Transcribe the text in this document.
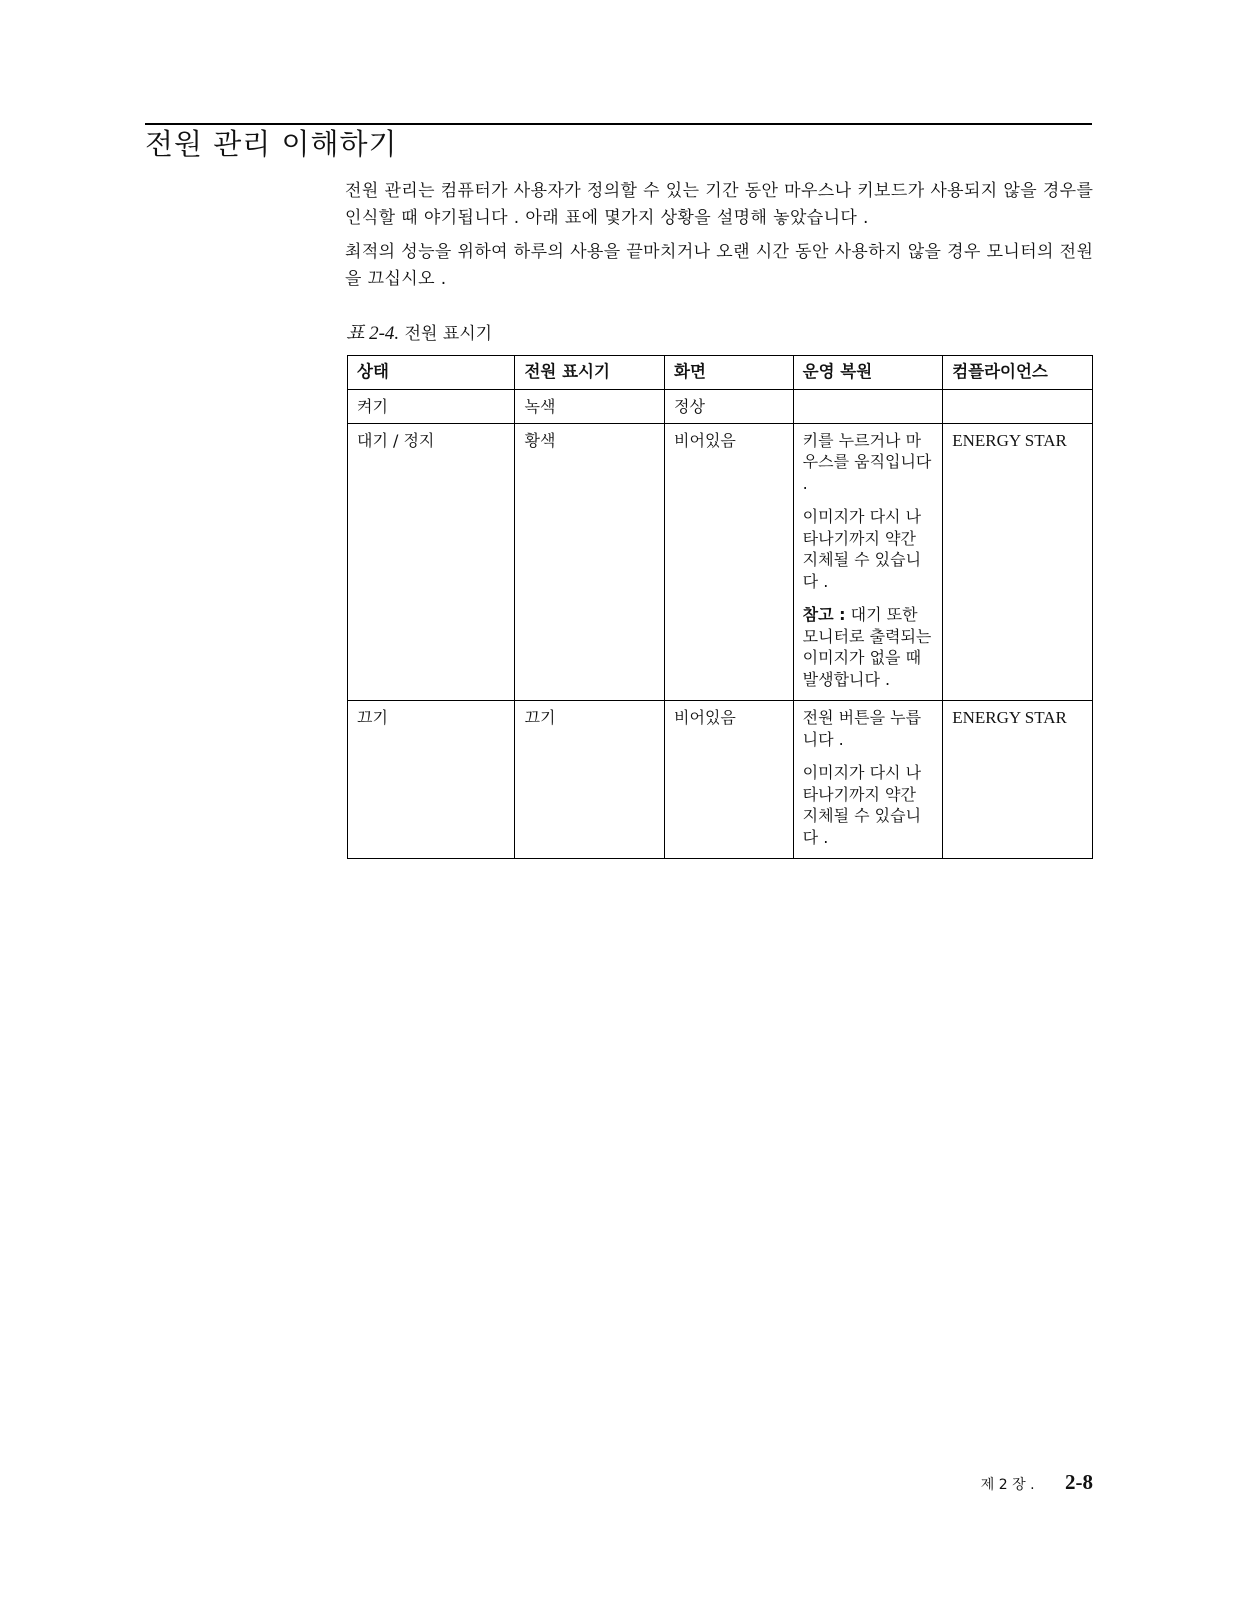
전원 관리 이해하기
전원 관리는 컴퓨터가 사용자가 정의할 수 있는 기간 동안 마우스나 키보드가 사용되지 않을 경우를 인식할 때 야기됩니다 . 아래 표에 몇가지 상황을 설명해 놓았습니다 .
최적의 성능을 위하여 하루의 사용을 끝마치거나 오랜 시간 동안 사용하지 않을 경우 모니터의 전원을 끄십시오 .
표 2-4. 전원 표시기
상태	전원 표시기	화면	운영 복원	컴플라이언스
켜기	녹색	정상		
대기 / 정지	황색	비어있음	키를 누르거나 마우스를 움직입니다 .

이미지가 다시 나타나기까지 약간 지체될 수 있습니다 .

참고 : 대기 또한 모니터로 출력되는 이미지가 없을 때 발생합니다 .	ENERGY STAR
끄기	끄기	비어있음	전원 버튼을 누릅니다 .

이미지가 다시 나타나기까지 약간 지체될 수 있습니다 .	ENERGY STAR
제 2 장 . 2-8
